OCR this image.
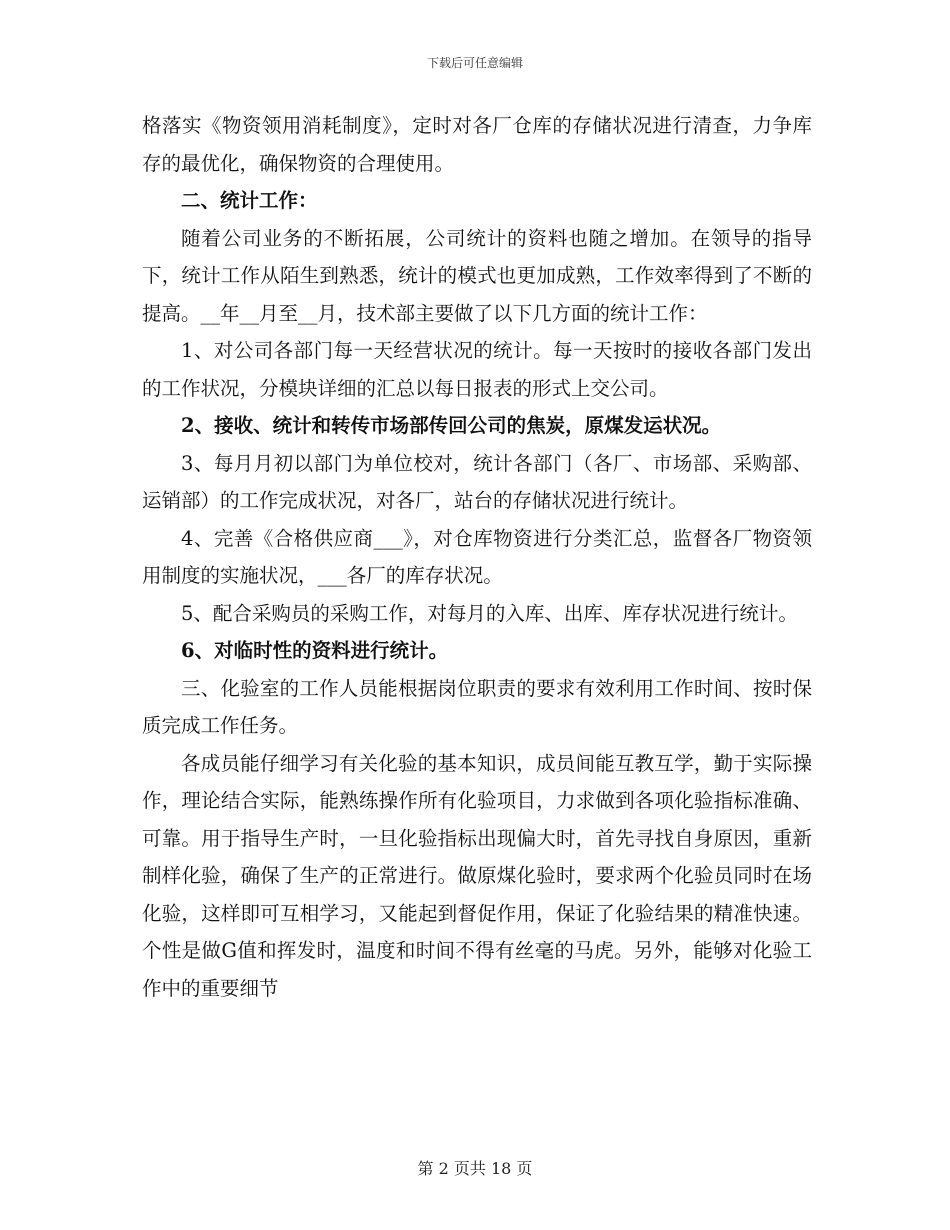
下载后可任意编辑

格落实《物资领用消耗制度》，定时对各厂仓库的存储状况进行清查，力争库存的最优化，确保物资的合理使用。

二、统计工作：

随着公司业务的不断拓展，公司统计的资料也随之增加。在领导的指导下，统计工作从陌生到熟悉，统计的模式也更加成熟，工作效率得到了不断的提高。__年__月至__月，技术部主要做了以下几方面的统计工作：

1、对公司各部门每一天经营状况的统计。每一天按时的接收各部门发出的工作状况，分模块详细的汇总以每日报表的形式上交公司。

2、接收、统计和转传市场部传回公司的焦炭，原煤发运状况。

3、每月月初以部门为单位校对，统计各部门（各厂、市场部、采购部、运销部）的工作完成状况，对各厂，站台的存储状况进行统计。

4、完善《合格供应商___》，对仓库物资进行分类汇总，监督各厂物资领用制度的实施状况，___各厂的库存状况。

5、配合采购员的采购工作，对每月的入库、出库、库存状况进行统计。

6、对临时性的资料进行统计。

三、化验室的工作人员能根据岗位职责的要求有效利用工作时间、按时保质完成工作任务。

各成员能仔细学习有关化验的基本知识，成员间能互教互学，勤于实际操作，理论结合实际，能熟练操作所有化验项目，力求做到各项化验指标准确、可靠。用于指导生产时，一旦化验指标出现偏大时，首先寻找自身原因，重新制样化验，确保了生产的正常进行。做原煤化验时，要求两个化验员同时在场化验，这样即可互相学习，又能起到督促作用，保证了化验结果的精准快速。个性是做G值和挥发时，温度和时间不得有丝毫的马虎。另外，能够对化验工作中的重要细节

第 2 页共 18 页
